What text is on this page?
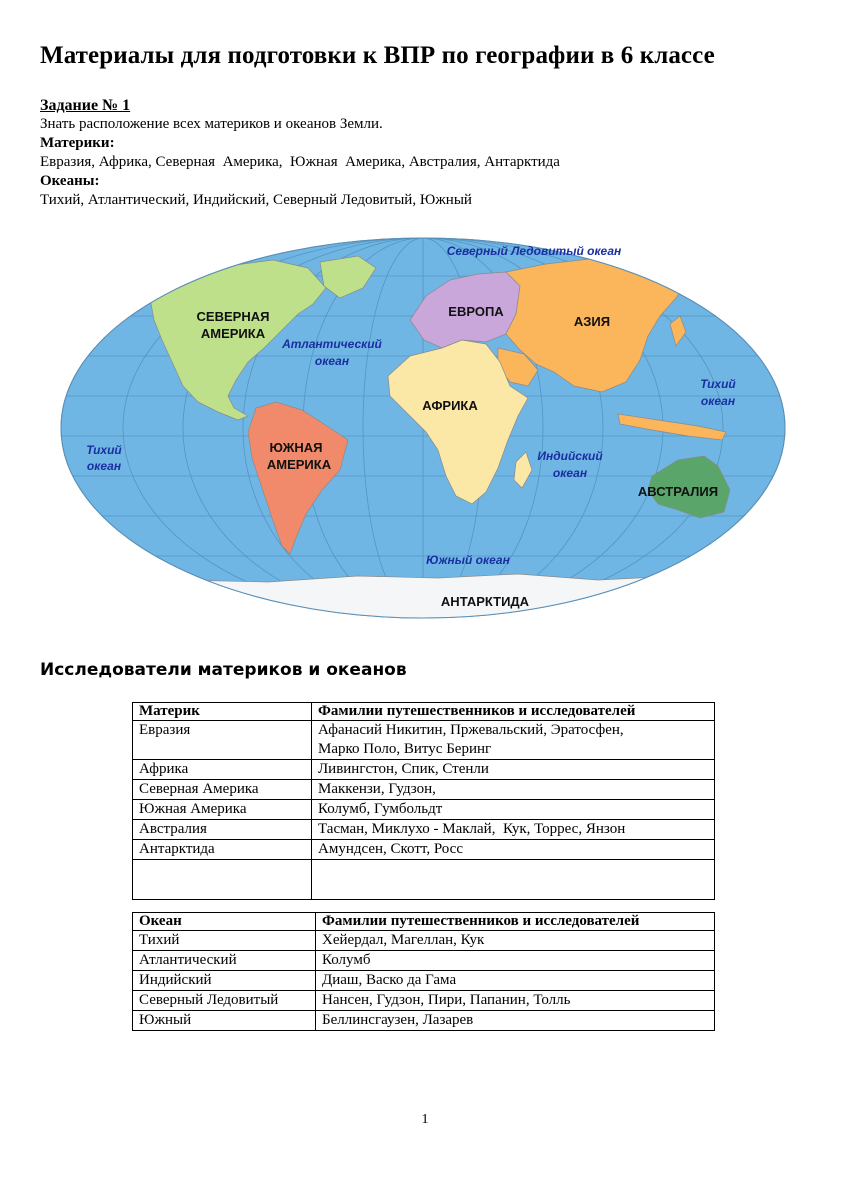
Материалы для подготовки к ВПР по географии в 6 классе
Задание № 1
Знать расположение всех материков и океанов Земли.
Материки:
Евразия, Африка, Северная  Америка,  Южная  Америка, Австралия, Антарктида
Океаны:
Тихий, Атлантический, Индийский, Северный Ледовитый, Южный
СЕВЕРНАЯ
АМЕРИКА
ЮЖНАЯ
АМЕРИКА
ЕВРОПА
АЗИЯ
АФРИКА
АВСТРАЛИЯ
АНТАРКТИДА
Северный Ледовитый океан
Атлантический
океан
Тихий
океан
Тихий
океан
Индийский
океан
Южный океан
Исследователи материков и океанов
Материк	Фамилии путешественников и исследователей
Евразия	Афанасий Никитин, Пржевальский, Эратосфен,
Марко Поло, Витус Беринг

Африка	Ливингстон, Спик, Стенли
Северная Америка	Маккензи, Гудзон,
Южная Америка	Колумб, Гумбольдт
Австралия	Тасман, Миклухо - Маклай,  Кук, Торрес, Янзон
Антарктида	Амундсен, Скотт, Росс

Океан	Фамилии путешественников и исследователей
Тихий	Хейердал, Магеллан, Кук
Атлантический	Колумб
Индийский	Диаш, Васко да Гама
Северный Ледовитый	Нансен, Гудзон, Пири, Папанин, Толль
Южный	Беллинсгаузен, Лазарев
1
